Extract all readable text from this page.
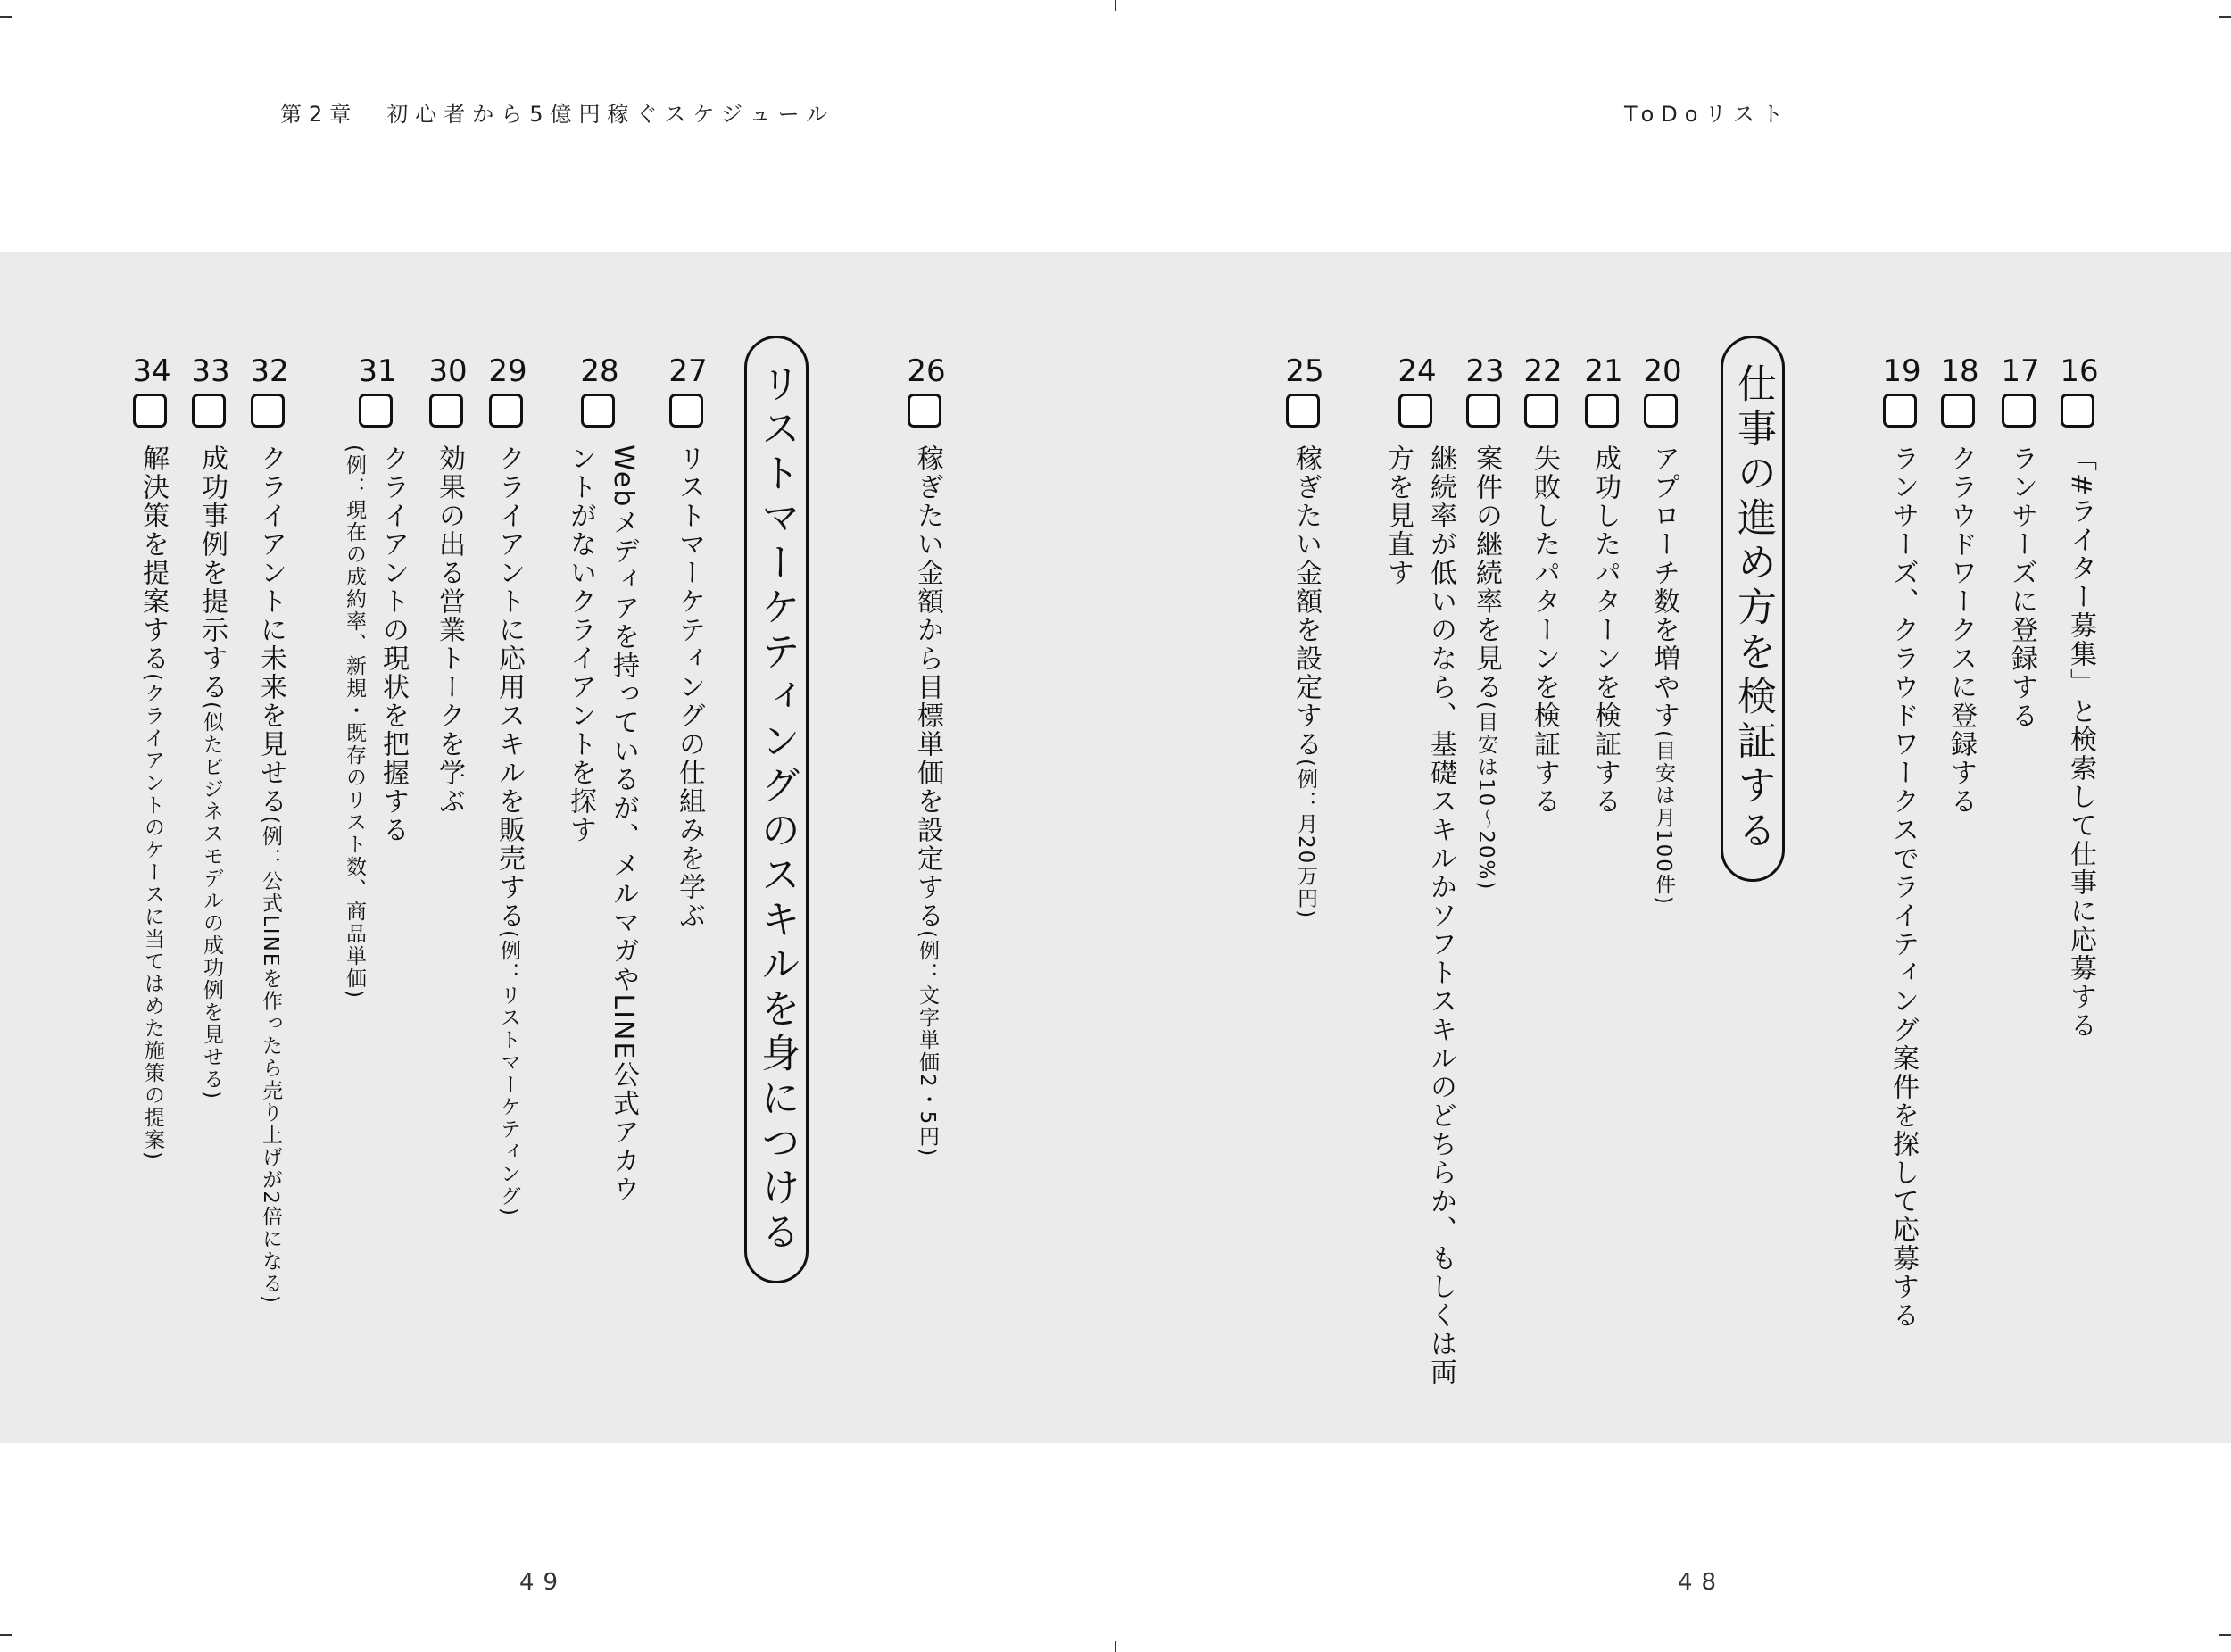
第2章　初心者から5億円稼ぐスケジュール	ToDoリスト
16
「#ライター募集」と検索して仕事に応募する
17
ランサーズに登録する
18
クラウドワークスに登録する
19
ランサーズ、クラウドワークスでライティング案件を探して応募する
仕事の進め方を検証する
20
アプローチ数を増やす(目安は月100件)
21
成功したパターンを検証する
22
失敗したパターンを検証する
23
案件の継続率を見る(目安は10〜20%)
24
継続率が低いのなら、基礎スキルかソフトスキルのどちらか、もしくは両方を見直す
25
稼ぎたい金額を設定する(例：月20万円)
26
稼ぎたい金額から目標単価を設定する(例：文字単価2・5円)
リストマーケティングのスキルを身につける
27
リストマーケティングの仕組みを学ぶ
28
Webメディアを持っているが、メルマガやLINE公式アカウントがないクライアントを探す
29
クライアントに応用スキルを販売する(例：リストマーケティング)
30
効果の出る営業トークを学ぶ
31
クライアントの現状を把握する
(例：現在の成約率、新規・既存のリスト数、商品単価)
32
クライアントに未来を見せる(例：公式LINEを作ったら売り上げが2倍になる)
33
成功事例を提示する(似たビジネスモデルの成功例を見せる)
34
解決策を提案する(クライアントのケースに当てはめた施策の提案)
49	48
